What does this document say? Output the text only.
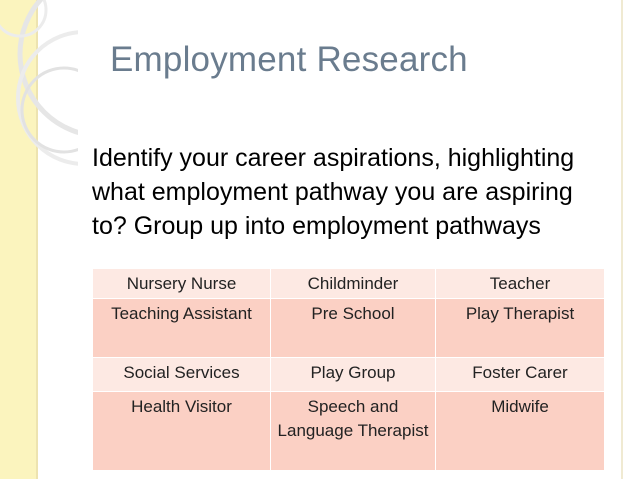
Employment Research
Identify your career aspirations, highlighting what employment pathway you are aspiring to? Group up into employment pathways
Nursery Nurse	Childminder	Teacher
Teaching Assistant	Pre School	Play Therapist
Social Services	Play Group	Foster Carer
Health Visitor	Speech and Language Therapist	Midwife
